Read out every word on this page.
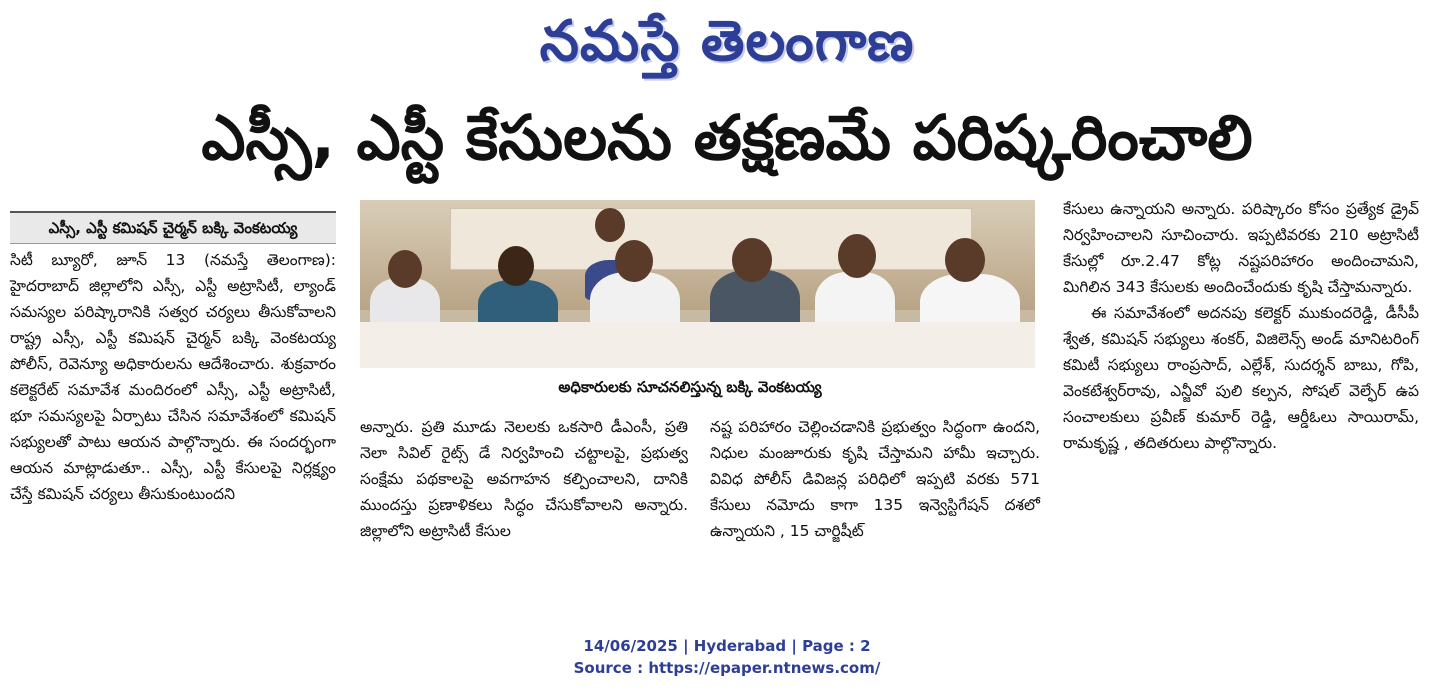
నమస్తే తెలంగాణ
ఎస్సీ, ఎస్టీ కేసులను తక్షణమే పరిష్కరించాలి
ఎస్సీ, ఎస్టీ కమిషన్ చైర్మన్ బక్కి వెంకటయ్య

సిటీ బ్యూరో, జూన్ 13 (నమస్తే తెలంగాణ): హైదరాబాద్ జిల్లాలోని ఎస్సీ, ఎస్టీ అట్రాసిటీ, ల్యాండ్ సమస్యల పరిష్కారానికి సత్వర చర్యలు తీసుకోవాలని రాష్ట్ర ఎస్సీ, ఎస్టీ కమిషన్ చైర్మన్ బక్కి వెంకటయ్య పోలీస్, రెవెన్యూ అధికారులను ఆదేశించారు. శుక్రవారం కలెక్టరేట్ సమావేశ మందిరంలో ఎస్సీ, ఎస్టీ అట్రాసిటీ, భూ సమస్యలపై ఏర్పాటు చేసిన సమావేశంలో కమిషన్ సభ్యులతో పాటు ఆయన పాల్గొన్నారు. ఈ సందర్భంగా ఆయన మాట్లాడుతూ.. ఎస్సీ, ఎస్టీ కేసులపై నిర్లక్ష్యం చేస్తే కమిషన్ చర్యలు తీసుకుంటుందని

అధికారులకు సూచనలిస్తున్న బక్కి వెంకటయ్య

అన్నారు. ప్రతి మూడు నెలలకు ఒకసారి డీఎంసీ, ప్రతి నెలా సివిల్ రైట్స్ డే నిర్వహించి చట్టాలపై, ప్రభుత్వ సంక్షేమ పథకాలపై అవగాహన కల్పించాలని, దానికి ముందస్తు ప్రణాళికలు సిద్ధం చేసుకోవాలని అన్నారు. జిల్లాలోని అట్రాసిటీ కేసుల

నష్ట పరిహారం చెల్లించడానికి ప్రభుత్వం సిద్ధంగా ఉందని, నిధుల మంజూరుకు కృషి చేస్తామని హామీ ఇచ్చారు. వివిధ పోలీస్ డివిజన్ల పరిధిలో ఇప్పటి వరకు 571 కేసులు నమోదు కాగా 135 ఇన్వెస్టిగేషన్ దశలో ఉన్నాయని , 15 చార్జిషీట్

కేసులు ఉన్నాయని అన్నారు. పరిష్కారం కోసం ప్రత్యేక డ్రైవ్ నిర్వహించాలని సూచించారు. ఇప్పటివరకు 210 అట్రాసిటీ కేసుల్లో రూ.2.47 కోట్ల నష్టపరిహారం అందించామని, మిగిలిన 343 కేసులకు అందించేందుకు కృషి చేస్తామన్నారు.

ఈ సమావేశంలో అదనపు కలెక్టర్ ముకుందరెడ్డి, డీసీపీ శ్వేత, కమిషన్ సభ్యులు శంకర్, విజిలెన్స్ అండ్ మానిటరింగ్ కమిటీ సభ్యులు రాంప్రసాద్, ఎల్లేశ్, సుదర్శన్ బాబు, గోపి, వెంకటేశ్వర్‌రావు, ఎన్జీవో పులి కల్పన, సోషల్ వెల్ఫేర్ ఉప సంచాలకులు ప్రవీణ్ కుమార్ రెడ్డి, ఆర్డీఓలు సాయిరామ్, రామకృష్ణ , తదితరులు పాల్గొన్నారు.

14/06/2025 | Hyderabad | Page : 2
Source : https://epaper.ntnews.com/
